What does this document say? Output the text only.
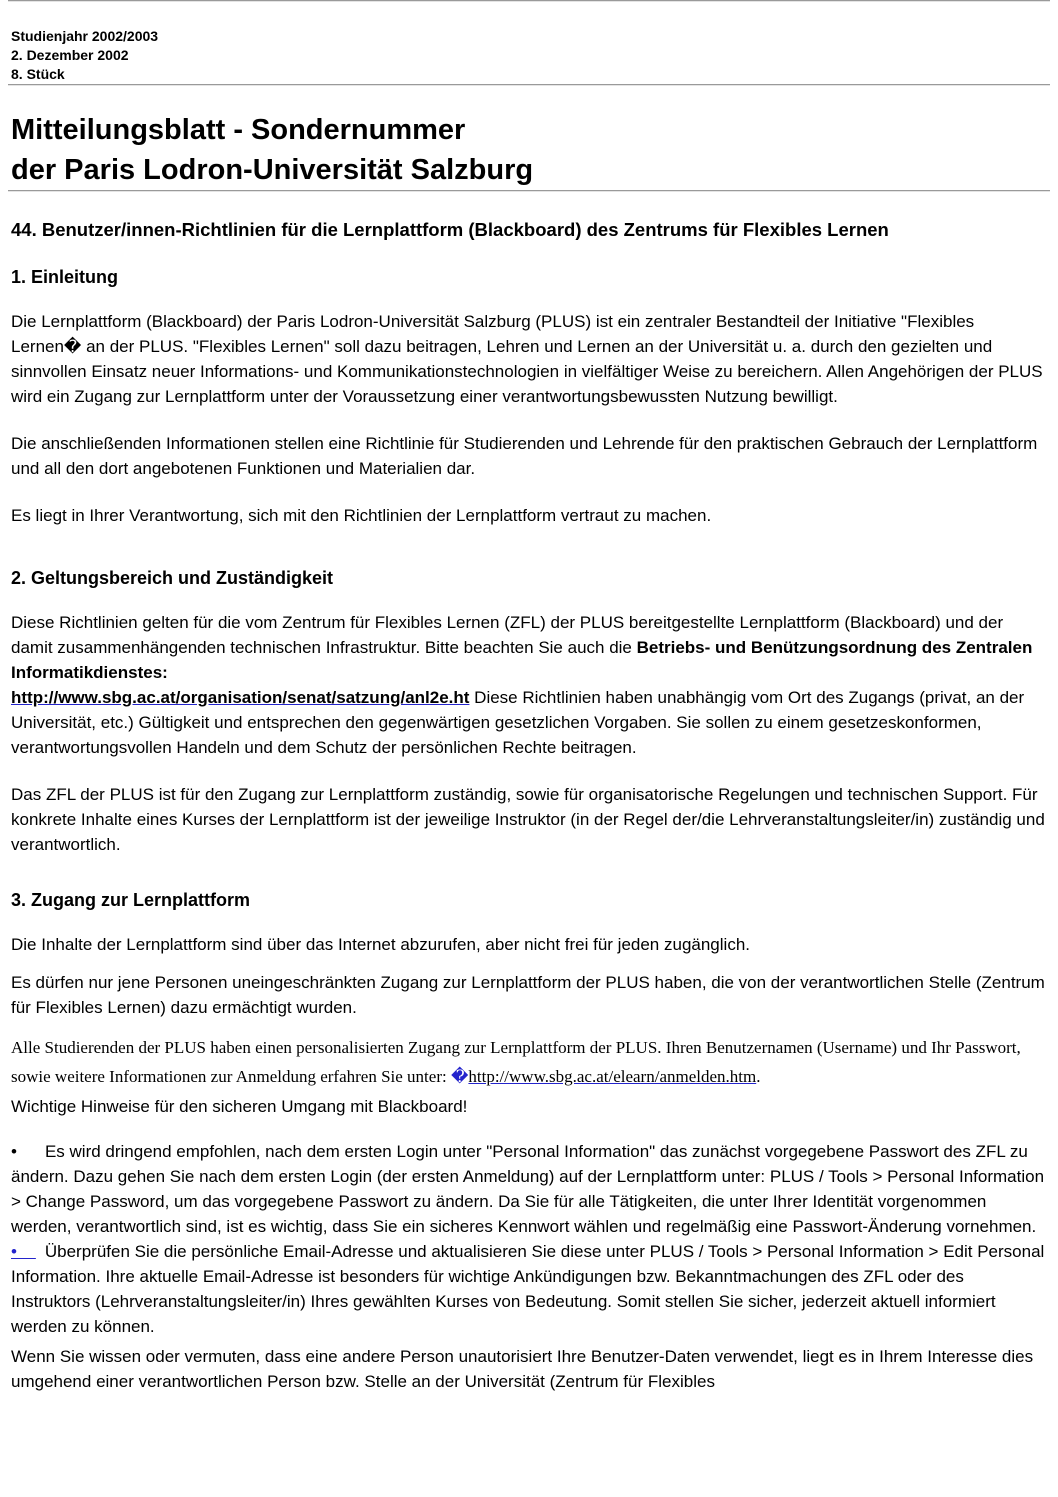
Studienjahr 2002/2003
2. Dezember 2002
8. Stück
Mitteilungsblatt - Sondernummer
der Paris Lodron-Universität Salzburg
44. Benutzer/innen-Richtlinien für die Lernplattform (Blackboard) des Zentrums für Flexibles Lernen
1. Einleitung

Die Lernplattform (Blackboard) der Paris Lodron-Universität Salzburg (PLUS) ist ein zentraler Bestandteil der Initiative "Flexibles Lernen� an der PLUS. "Flexibles Lernen" soll dazu beitragen, Lehren und Lernen an der Universität u. a. durch den gezielten und sinnvollen Einsatz neuer Informations- und Kommunikationstechnologien in vielfältiger Weise zu bereichern. Allen Angehörigen der PLUS wird ein Zugang zur Lernplattform unter der Voraussetzung einer verantwortungsbewussten Nutzung bewilligt.

Die anschließenden Informationen stellen eine Richtlinie für Studierenden und Lehrende für den praktischen Gebrauch der Lernplattform und all den dort angebotenen Funktionen und Materialien dar.

Es liegt in Ihrer Verantwortung, sich mit den Richtlinien der Lernplattform vertraut zu machen.

2. Geltungsbereich und Zuständigkeit

Diese Richtlinien gelten für die vom Zentrum für Flexibles Lernen (ZFL) der PLUS bereitgestellte Lernplattform (Blackboard) und der damit zusammenhängenden technischen Infrastruktur. Bitte beachten Sie auch die Betriebs- und Benützungsordnung des Zentralen Informatikdienstes:
http://www.sbg.ac.at/organisation/senat/satzung/anl2e.ht Diese Richtlinien haben unabhängig vom Ort des Zugangs (privat, an der Universität, etc.) Gültigkeit und entsprechen den gegenwärtigen gesetzlichen Vorgaben. Sie sollen zu einem gesetzeskonformen, verantwortungsvollen Handeln und dem Schutz der persönlichen Rechte beitragen.

Das ZFL der PLUS ist für den Zugang zur Lernplattform zuständig, sowie für organisatorische Regelungen und technischen Support. Für konkrete Inhalte eines Kurses der Lernplattform ist der jeweilige Instruktor (in der Regel der/die Lehrveranstaltungsleiter/in) zuständig und verantwortlich.

3. Zugang zur Lernplattform

Die Inhalte der Lernplattform sind über das Internet abzurufen, aber nicht frei für jeden zugänglich.

Es dürfen nur jene Personen uneingeschränkten Zugang zur Lernplattform der PLUS haben, die von der verantwortlichen Stelle (Zentrum für Flexibles Lernen) dazu ermächtigt wurden.

Alle Studierenden der PLUS haben einen personalisierten Zugang zur Lernplattform der PLUS. Ihren Benutzernamen (Username) und Ihr Passwort, sowie weitere Informationen zur Anmeldung erfahren Sie unter: �http://www.sbg.ac.at/elearn/anmelden.htm.

Wichtige Hinweise für den sicheren Umgang mit Blackboard!

• Es wird dringend empfohlen, nach dem ersten Login unter "Personal Information" das zunächst vorgegebene Passwort des ZFL zu ändern. Dazu gehen Sie nach dem ersten Login (der ersten Anmeldung) auf der Lernplattform unter: PLUS / Tools > Personal Information > Change Password, um das vorgegebene Passwort zu ändern. Da Sie für alle Tätigkeiten, die unter Ihrer Identität vorgenommen werden, verantwortlich sind, ist es wichtig, dass Sie ein sicheres Kennwort wählen und regelmäßig eine Passwort-Änderung vornehmen.

•    Überprüfen Sie die persönliche Email-Adresse und aktualisieren Sie diese unter PLUS / Tools > Personal Information > Edit Personal Information. Ihre aktuelle Email-Adresse ist besonders für wichtige Ankündigungen bzw. Bekanntmachungen des ZFL oder des Instruktors (Lehrveranstaltungsleiter/in) Ihres gewählten Kurses von Bedeutung. Somit stellen Sie sicher, jederzeit aktuell informiert werden zu können.

Wenn Sie wissen oder vermuten, dass eine andere Person unautorisiert Ihre Benutzer-Daten verwendet, liegt es in Ihrem Interesse dies umgehend einer verantwortlichen Person bzw. Stelle an der Universität (Zentrum für Flexibles
